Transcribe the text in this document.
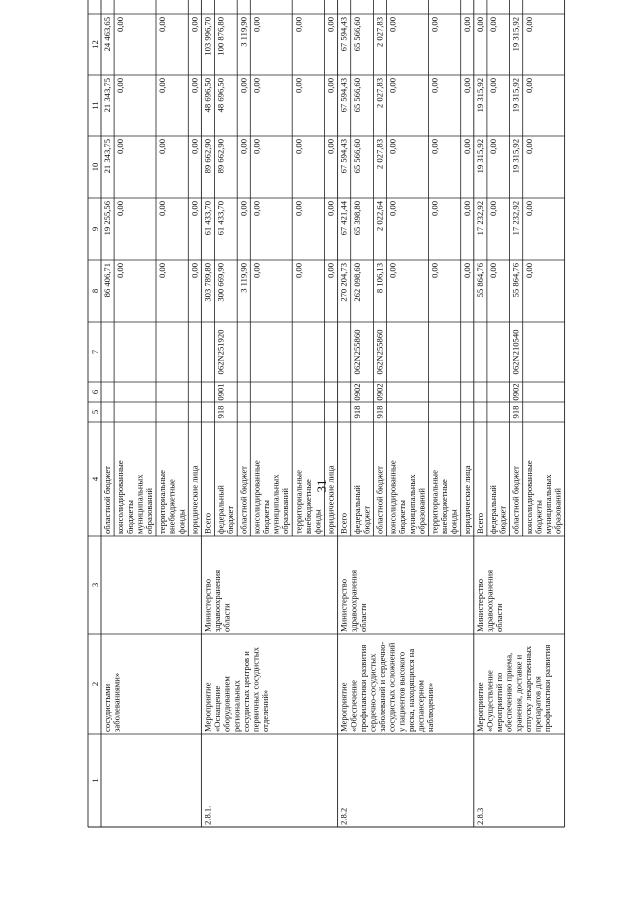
31
1
2
3
4
5
6
7
8
9
10
11
12
сосудистыми заболеваниями»
областной бюджет
86 406,71
19 255,56
21 343,75
21 343,75
24 463,65
консолидированные бюджеты муниципальных образований
0,00
0,00
0,00
0,00
0,00
территориальные внебюджетные фонды
0,00
0,00
0,00
0,00
0,00
юридические лица
0,00
0,00
0,00
0,00
0,00
2.8.1.
Мероприятие «Оснащение оборудованием региональных сосудистых центров и первичных сосудистых отделений»
Министерство здравоохранения области
Всего
303 789,80
61 433,70
89 662,90
48 696,50
103 996,70
федеральный бюджет
918
0901
062N251920
300 669,90
61 433,70
89 662,90
48 696,50
100 876,80
областной бюджет
3 119,90
0,00
0,00
0,00
3 119,90
консолидированные бюджеты муниципальных образований
0,00
0,00
0,00
0,00
0,00
территориальные внебюджетные фонды
0,00
0,00
0,00
0,00
0,00
юридические лица
0,00
0,00
0,00
0,00
0,00
2.8.2
Мероприятие «Обеспечение профилактики развития сердечно-сосудистых заболеваний и сердечно- сосудистых осложнений у пациентов высокого риска, находящихся на диспансерном наблюдении»
Министерство здравоохранения области
Всего
270 204,73
67 421,44
67 594,43
67 594,43
67 594,43
федеральный бюджет
918
0902
062N255860
262 098,60
65 398,80
65 566,60
65 566,60
65 566,60
областной бюджет
918
0902
062N255860
8 106,13
2 022,64
2 027,83
2 027,83
2 027,83
консолидированные бюджеты муниципальных образований
0,00
0,00
0,00
0,00
0,00
территориальные внебюджетные фонды
0,00
0,00
0,00
0,00
0,00
юридические лица
0,00
0,00
0,00
0,00
0,00
2.8.3
Мероприятие «Осуществление мероприятий по обеспечению приема, хранения, доставке и отпуску лекарственных препаратов для профилактики развития
Министерство здравоохранения области
Всего
55 864,76
17 232,92
19 315,92
19 315,92
0,00
федеральный бюджет
0,00
0,00
0,00
0,00
0,00
областной бюджет
918
0902
062N210540
55 864,76
17 232,92
19 315,92
19 315,92
19 315,92
консолидированные бюджеты муниципальных образований
0,00
0,00
0,00
0,00
0,00
